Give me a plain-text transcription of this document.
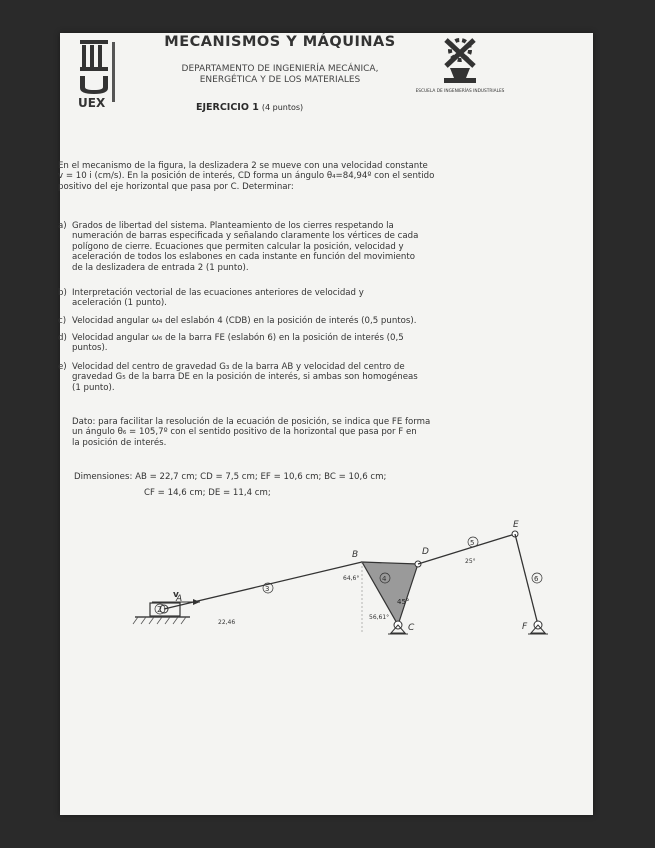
UEX
MECANISMOS Y MÁQUINAS
DEPARTAMENTO DE INGENIERÍA MECÁNICA,
ENERGÉTICA Y DE LOS MATERIALES
ESCUELA DE INGENIERÍAS INDUSTRIALES
EJERCICIO 1 (4 puntos)
En el mecanismo de la figura, la deslizadera 2 se mueve con una velocidad constante
v = 10 i (cm/s). En la posición de interés, CD forma un ángulo θ₄=84,94º con el sentido
positivo del eje horizontal que pasa por C. Determinar:
a) Grados de libertad del sistema. Planteamiento de los cierres respetando la
numeración de barras especificada y señalando claramente los vértices de cada
polígono de cierre. Ecuaciones que permiten calcular la posición, velocidad y
aceleración de todos los eslabones en cada instante en función del movimiento
de la deslizadera de entrada 2 (1 punto).
b) Interpretación vectorial de las ecuaciones anteriores de velocidad y
aceleración (1 punto).
c) Velocidad angular ω₄ del eslabón 4 (CDB) en la posición de interés (0,5 puntos).
d) Velocidad angular ω₆ de la barra FE (eslabón 6) en la posición de interés (0,5
puntos).
e) Velocidad del centro de gravedad G₃ de la barra AB y velocidad del centro de
gravedad G₅ de la barra DE en la posición de interés, si ambas son homogéneas
(1 punto).
Dato: para facilitar la resolución de la ecuación de posición, se indica que FE forma
un ángulo θ₆ = 105,7º con el sentido positivo de la horizontal que pasa por F en
la posición de interés.
Dimensiones: AB = 22,7 cm; CD = 7,5 cm; EF = 10,6 cm; BC = 10,6 cm;
CF = 14,6 cm; DE = 11,4 cm;
2
A
v
22,46
3
4
45°
B
64,6°
56,61°
C
D
5
25°
E
6
F
